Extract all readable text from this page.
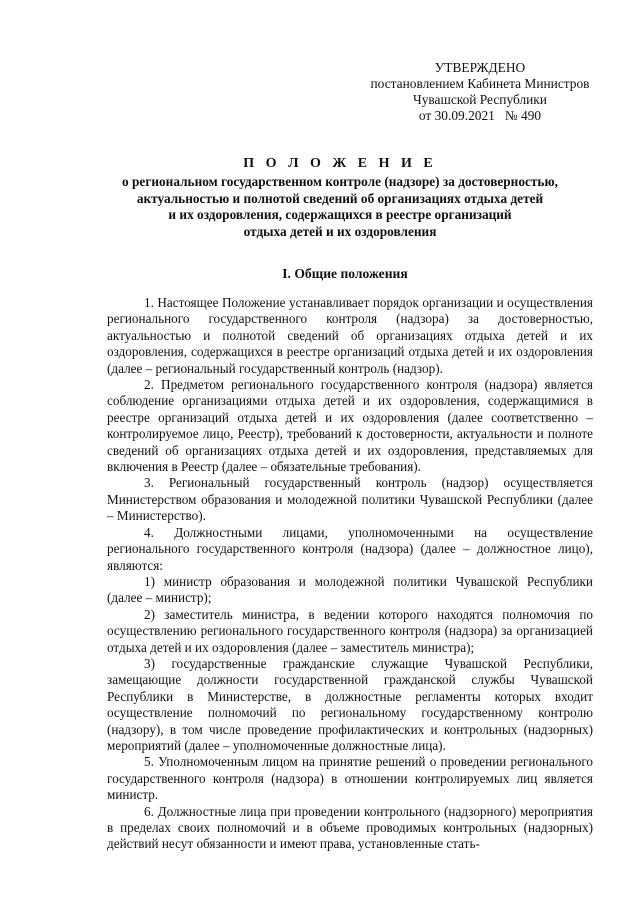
УТВЕРЖДЕНО
постановлением Кабинета Министров
Чувашской Республики
от 30.09.2021   № 490
П О Л О Ж Е Н И Е
о региональном государственном контроле (надзоре) за достоверностью,
актуальностью и полнотой сведений об организациях отдыха детей
и их оздоровления, содержащихся в реестре организаций
отдыха детей и их оздоровления
I. Общие положения

1. Настоящее Положение устанавливает порядок организации и осуществления регионального государственного контроля (надзора) за достоверностью, актуальностью и полнотой сведений об организациях отдыха детей и их оздоровления, содержащихся в реестре организаций отдыха детей и их оздоровления (далее – региональный государственный контроль (надзор).

2. Предметом регионального государственного контроля (надзора) является соблюдение организациями отдыха детей и их оздоровления, содержащимися в реестре организаций отдыха детей и их оздоровления (далее соответственно – контролируемое лицо, Реестр), требований к достоверности, актуальности и полноте сведений об организациях отдыха детей и их оздоровления, представляемых для включения в Реестр (далее – обязательные требования).

3. Региональный государственный контроль (надзор) осуществляется Министерством образования и молодежной политики Чувашской Республики (далее – Министерство).

4. Должностными лицами, уполномоченными на осуществление регионального государственного контроля (надзора) (далее – должностное лицо), являются:

1) министр образования и молодежной политики Чувашской Республики (далее – министр);

2) заместитель министра, в ведении которого находятся полномочия по осуществлению регионального государственного контроля (надзора) за организацией отдыха детей и их оздоровления (далее – заместитель министра);

3) государственные гражданские служащие Чувашской Республики, замещающие должности государственной гражданской службы Чувашской Республики в Министерстве, в должностные регламенты которых входит осуществление полномочий по региональному государственному контролю (надзору), в том числе проведение профилактических и контрольных (надзорных) мероприятий (далее – уполномоченные должностные лица).

5. Уполномоченным лицом на принятие решений о проведении регионального государственного контроля (надзора) в отношении контролируемых лиц является министр.

6. Должностные лица при проведении контрольного (надзорного) мероприятия в пределах своих полномочий и в объеме проводимых контрольных (надзорных) действий несут обязанности и имеют права, установленные стать-
